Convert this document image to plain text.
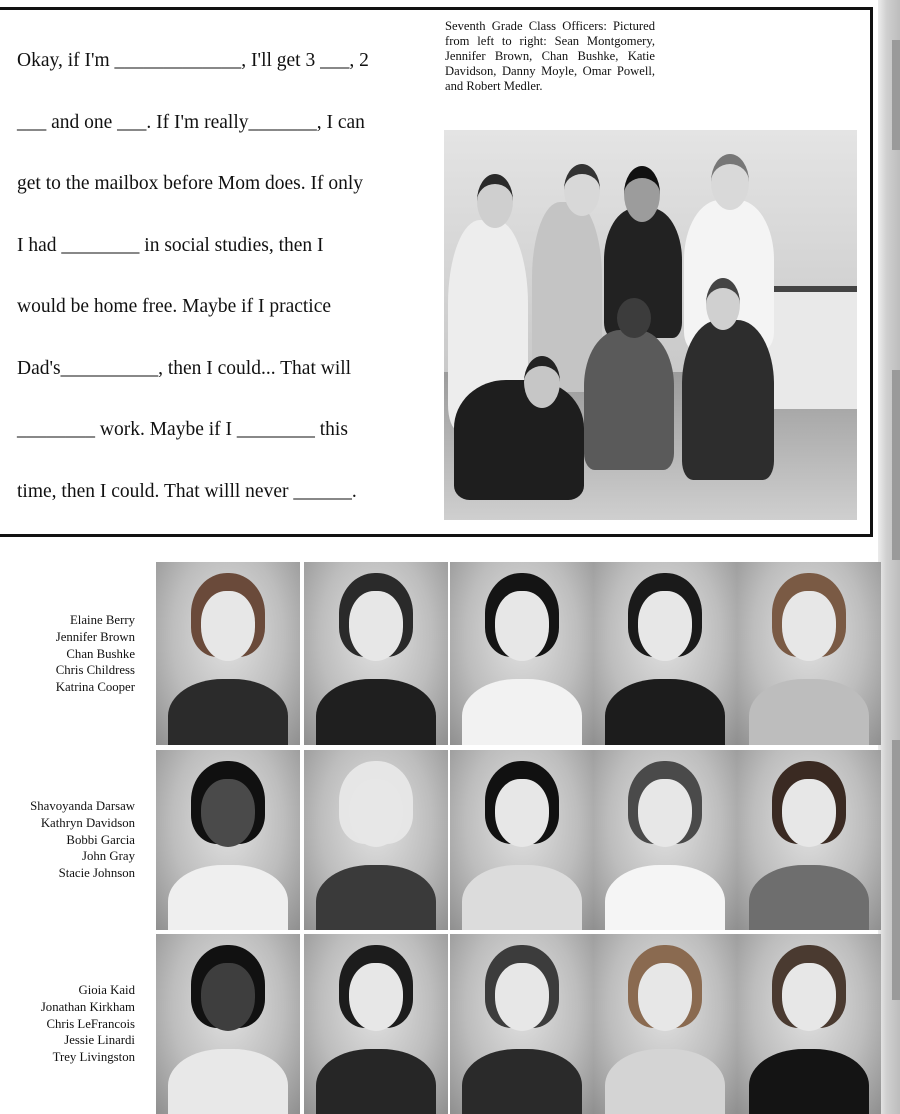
Okay, if I'm _____________, I'll get 3 ___, 2
___ and one ___. If I'm really_______, I can
get to the mailbox before Mom does. If only
I had ________ in social studies, then I
would be home free. Maybe if I practice
Dad's__________, then I could... That will
________ work. Maybe if I ________ this
time, then I could. That willl never ______.
Seventh Grade Class Officers: Pictured from left to right: Sean Montgomery, Jennifer Brown, Chan Bushke, Katie Davidson, Danny Moyle, Omar Powell, and Robert Medler.
Elaine Berry
Jennifer Brown
Chan Bushke
Chris Childress
Katrina Cooper
Shavoyanda Darsaw
Kathryn Davidson
Bobbi Garcia
John Gray
Stacie Johnson
Gioia Kaid
Jonathan Kirkham
Chris LeFrancois
Jessie Linardi
Trey Livingston
